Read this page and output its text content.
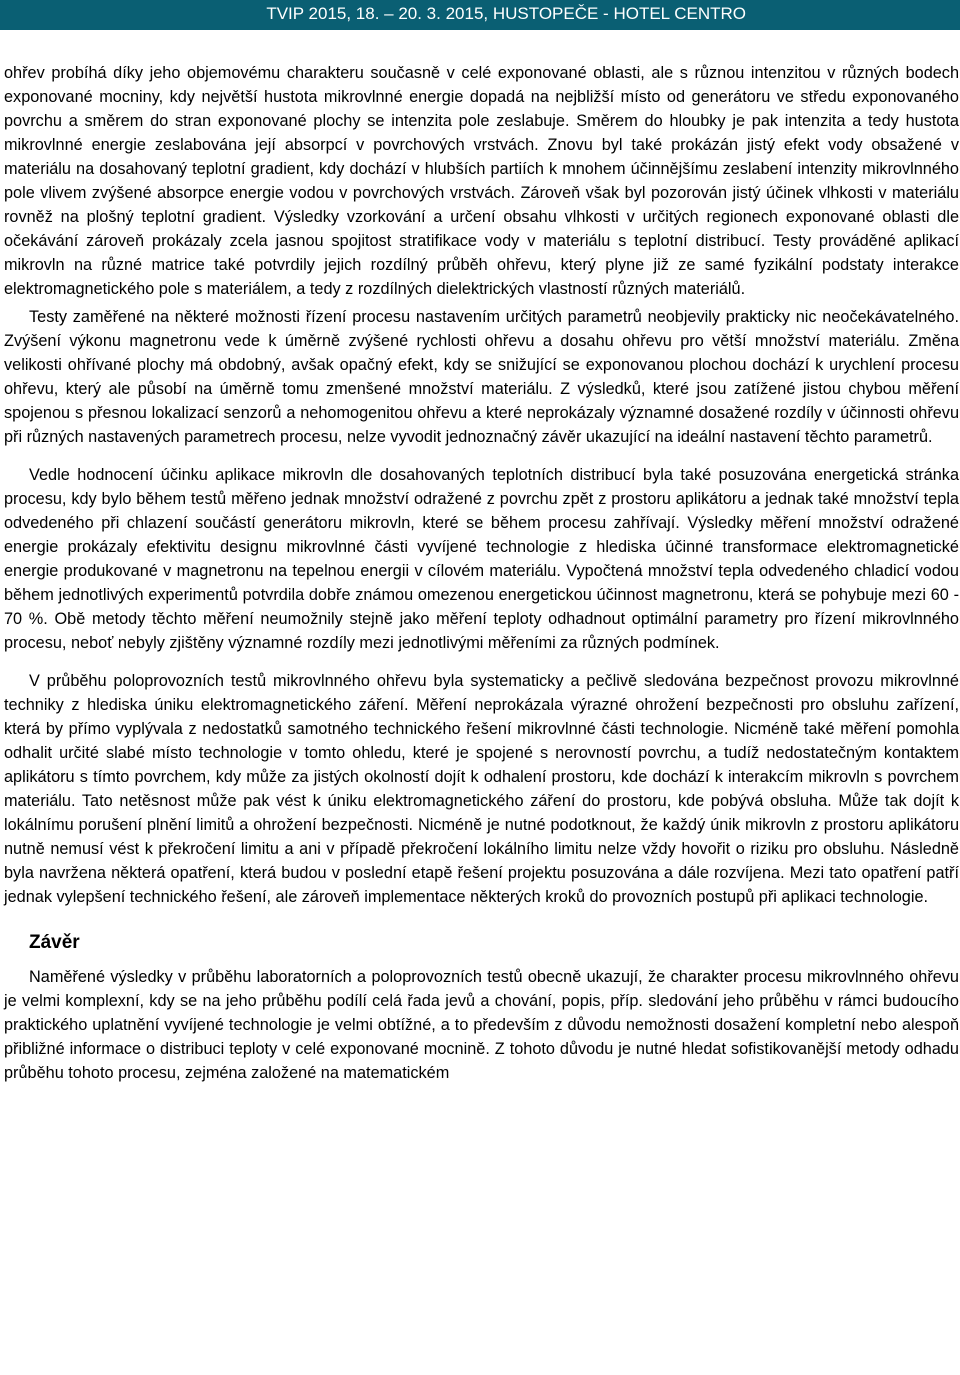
TVIP 2015, 18. – 20. 3. 2015, HUSTOPEČE - HOTEL CENTRO

ohřev probíhá díky jeho objemovému charakteru současně v celé exponované oblasti, ale s různou intenzitou v různých bodech exponované mocniny, kdy největší hustota mikrovlnné energie dopadá na nejbližší místo od generátoru ve středu exponovaného povrchu a směrem do stran exponované plochy se intenzita pole zeslabuje. Směrem do hloubky je pak intenzita a tedy hustota mikrovlnné energie zeslabována její absorpcí v povrchových vrstvách. Znovu byl také prokázán jistý efekt vody obsažené v materiálu na dosahovaný teplotní gradient, kdy dochází v hlubších partiích k mnohem účinnějšímu zeslabení intenzity mikrovlnného pole vlivem zvýšené absorpce energie vodou v povrchových vrstvách. Zároveň však byl pozorován jistý účinek vlhkosti v materiálu rovněž na plošný teplotní gradient. Výsledky vzorkování a určení obsahu vlhkosti v určitých regionech exponované oblasti dle očekávání zároveň prokázaly zcela jasnou spojitost stratifikace vody v materiálu s teplotní distribucí. Testy prováděné aplikací mikrovln na různé matrice také potvrdily jejich rozdílný průběh ohřevu, který plyne již ze samé fyzikální podstaty interakce elektromagnetického pole s materiálem, a tedy z rozdílných dielektrických vlastností různých materiálů.

Testy zaměřené na některé možnosti řízení procesu nastavením určitých parametrů neobjevily prakticky nic neočekávatelného. Zvýšení výkonu magnetronu vede k úměrně zvýšené rychlosti ohřevu a dosahu ohřevu pro větší množství materiálu. Změna velikosti ohřívané plochy má obdobný, avšak opačný efekt, kdy se snižující se exponovanou plochou dochází k urychlení procesu ohřevu, který ale působí na úměrně tomu zmenšené množství materiálu. Z výsledků, které jsou zatížené jistou chybou měření spojenou s přesnou lokalizací senzorů a nehomogenitou ohřevu a které neprokázaly významné dosažené rozdíly v účinnosti ohřevu při různých nastavených parametrech procesu, nelze vyvodit jednoznačný závěr ukazující na ideální nastavení těchto parametrů.

Vedle hodnocení účinku aplikace mikrovln dle dosahovaných teplotních distribucí byla také posuzována energetická stránka procesu, kdy bylo během testů měřeno jednak množství odražené z povrchu zpět z prostoru aplikátoru a jednak také množství tepla odvedeného při chlazení součástí generátoru mikrovln, které se během procesu zahřívají. Výsledky měření množství odražené energie prokázaly efektivitu designu mikrovlnné části vyvíjené technologie z hlediska účinné transformace elektromagnetické energie produkované v magnetronu na tepelnou energii v cílovém materiálu. Vypočtená množství tepla odvedeného chladicí vodou během jednotlivých experimentů potvrdila dobře známou omezenou energetickou účinnost magnetronu, která se pohybuje mezi 60 - 70 %. Obě metody těchto měření neumožnily stejně jako měření teploty odhadnout optimální parametry pro řízení mikrovlnného procesu, neboť nebyly zjištěny významné rozdíly mezi jednotlivými měřeními za různých podmínek.

V průběhu poloprovozních testů mikrovlnného ohřevu byla systematicky a pečlivě sledována bezpečnost provozu mikrovlnné techniky z hlediska úniku elektromagnetického záření. Měření neprokázala výrazné ohrožení bezpečnosti pro obsluhu zařízení, která by přímo vyplývala z nedostatků samotného technického řešení mikrovlnné části technologie. Nicméně také měření pomohla odhalit určité slabé místo technologie v tomto ohledu, které je spojené s nerovností povrchu, a tudíž nedostatečným kontaktem aplikátoru s tímto povrchem, kdy může za jistých okolností dojít k odhalení prostoru, kde dochází k interakcím mikrovln s povrchem materiálu. Tato netěsnost může pak vést k úniku elektromagnetického záření do prostoru, kde pobývá obsluha. Může tak dojít k lokálnímu porušení plnění limitů a ohrožení bezpečnosti. Nicméně je nutné podotknout, že každý únik mikrovln z prostoru aplikátoru nutně nemusí vést k překročení limitu a ani v případě překročení lokálního limitu nelze vždy hovořit o riziku pro obsluhu. Následně byla navržena některá opatření, která budou v poslední etapě řešení projektu posuzována a dále rozvíjena. Mezi tato opatření patří jednak vylepšení technického řešení, ale zároveň implementace některých kroků do provozních postupů při aplikaci technologie.

Závěr

Naměřené výsledky v průběhu laboratorních a poloprovozních testů obecně ukazují, že charakter procesu mikrovlnného ohřevu je velmi komplexní, kdy se na jeho průběhu podílí celá řada jevů a chování, popis, příp. sledování jeho průběhu v rámci budoucího praktického uplatnění vyvíjené technologie je velmi obtížné, a to především z důvodu nemožnosti dosažení kompletní nebo alespoň přibližné informace o distribuci teploty v celé exponované mocnině. Z tohoto důvodu je nutné hledat sofistikovanější metody odhadu průběhu tohoto procesu, zejména založené na matematickém
